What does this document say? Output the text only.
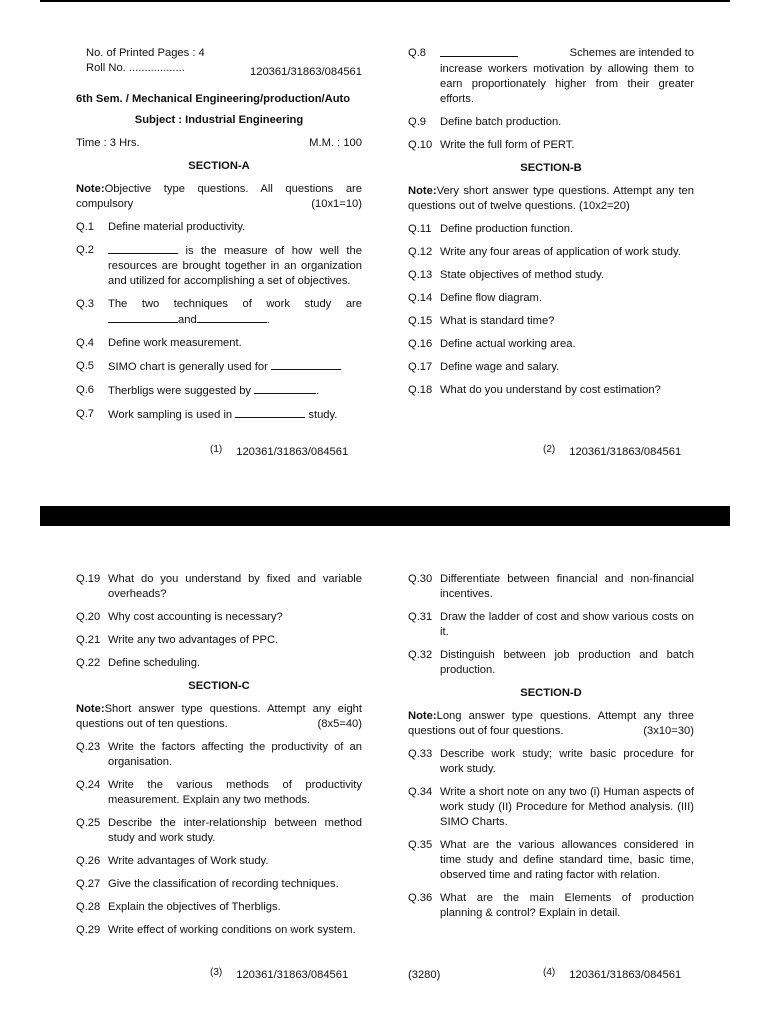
No. of Printed Pages : 4
Roll No. ..................	120361/31863/084561
6th Sem. / Mechanical Engineering/production/Auto
Subject : Industrial Engineering
Time : 3 Hrs.	M.M. : 100
SECTION-A
Note:Objective type questions. All questions are compulsory	(10x1=10)
Q.1	Define material productivity.
Q.2	is the measure of how well the resources are brought together in an organization and utilized for accomplishing a set of objectives.
Q.3	The two techniques of work study are and	.
Q.4	Define work measurement.
Q.5	SIMO chart is generally used for
Q.6	Therbligs were suggested by	.
Q.7	Work sampling is used in	study.
Q.8	Schemes are intended to

increase workers motivation by allowing them to earn proportionately higher from their greater efforts.
Q.9	Define batch production.
Q.10 Write the full form of PERT.
SECTION-B
Note:Very short answer type questions. Attempt any ten questions out of twelve questions. (10x2=20)
Q.11 Define production function.
Q.12 Write any four areas of application of work study.
Q.13 State objectives of method study.
Q.14 Define flow diagram.
Q.15 What is standard time?
Q.16 Define actual working area.
Q.17 Define wage and salary.
Q.18 What do you understand by cost estimation?
(1) 120361/31863/084561	(2) 120361/31863/084561
Q.19 What do you understand by fixed and variable overheads?
Q.20 Why cost accounting is necessary?
Q.21 Write any two advantages of PPC.
Q.22 Define scheduling.
SECTION-C
Note:Short answer type questions. Attempt any eight questions out of ten questions.	(8x5=40)
Q.23 Write the factors affecting the productivity of an organisation.
Q.24 Write the various methods of productivity measurement. Explain any two methods.
Q.25 Describe the inter-relationship between method study and work study.
Q.26 Write advantages of Work study.
Q.27 Give the classification of recording techniques.
Q.28 Explain the objectives of Therbligs.
Q.29 Write effect of working conditions on work system.
Q.30 Differentiate between financial and non-financial incentives.
Q.31 Draw the ladder of cost and show various costs on it.
Q.32 Distinguish between job production and batch production.
SECTION-D
Note:Long answer type questions. Attempt any three questions out of four questions.	(3x10=30)
Q.33 Describe work study; write basic procedure for work study.
Q.34 Write a short note on any two (i) Human aspects of work study (II) Procedure for Method analysis. (III) SIMO Charts.
Q.35 What are the various allowances considered in time study and define standard time, basic time, observed time and rating factor with relation.
Q.36 What are the main Elements of production planning & control? Explain in detail.
(3) 120361/31863/084561	(3280)	(4) 120361/31863/084561
